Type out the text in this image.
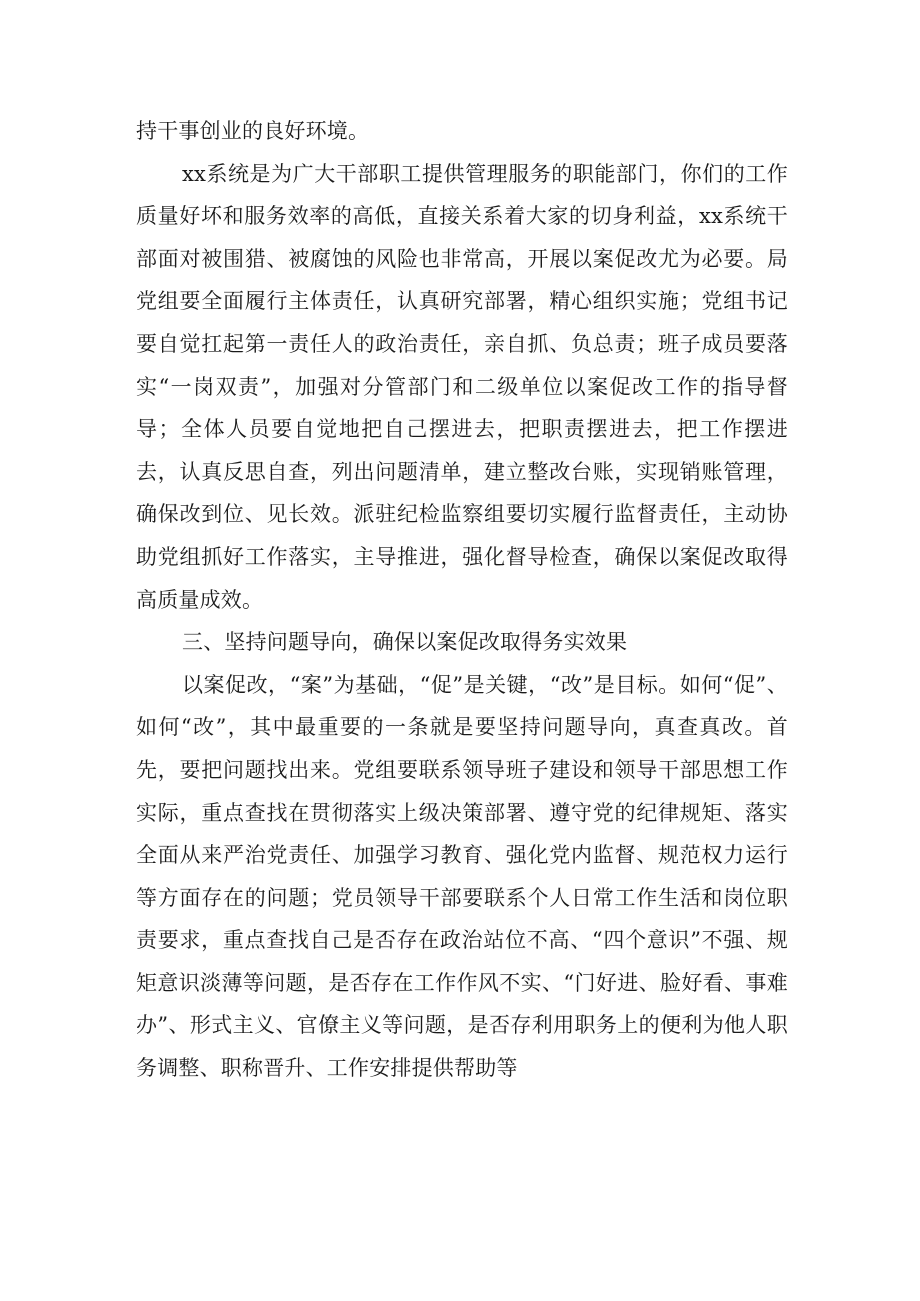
持干事创业的良好环境。

xx系统是为广大干部职工提供管理服务的职能部门，你们的工作质量好坏和服务效率的高低，直接关系着大家的切身利益，xx系统干部面对被围猎、被腐蚀的风险也非常高，开展以案促改尤为必要。局党组要全面履行主体责任，认真研究部署，精心组织实施；党组书记要自觉扛起第一责任人的政治责任，亲自抓、负总责；班子成员要落实“一岗双责”，加强对分管部门和二级单位以案促改工作的指导督导；全体人员要自觉地把自己摆进去，把职责摆进去，把工作摆进去，认真反思自查，列出问题清单，建立整改台账，实现销账管理，确保改到位、见长效。派驻纪检监察组要切实履行监督责任，主动协助党组抓好工作落实，主导推进，强化督导检查，确保以案促改取得高质量成效。

三、坚持问题导向，确保以案促改取得务实效果

以案促改，“案”为基础，“促”是关键，“改”是目标。如何“促”、如何“改”，其中最重要的一条就是要坚持问题导向，真查真改。首先，要把问题找出来。党组要联系领导班子建设和领导干部思想工作实际，重点查找在贯彻落实上级决策部署、遵守党的纪律规矩、落实全面从来严治党责任、加强学习教育、强化党内监督、规范权力运行等方面存在的问题；党员领导干部要联系个人日常工作生活和岗位职责要求，重点查找自己是否存在政治站位不高、“四个意识”不强、规矩意识淡薄等问题，是否存在工作作风不实、“门好进、脸好看、事难办”、形式主义、官僚主义等问题，是否存利用职务上的便利为他人职务调整、职称晋升、工作安排提供帮助等
